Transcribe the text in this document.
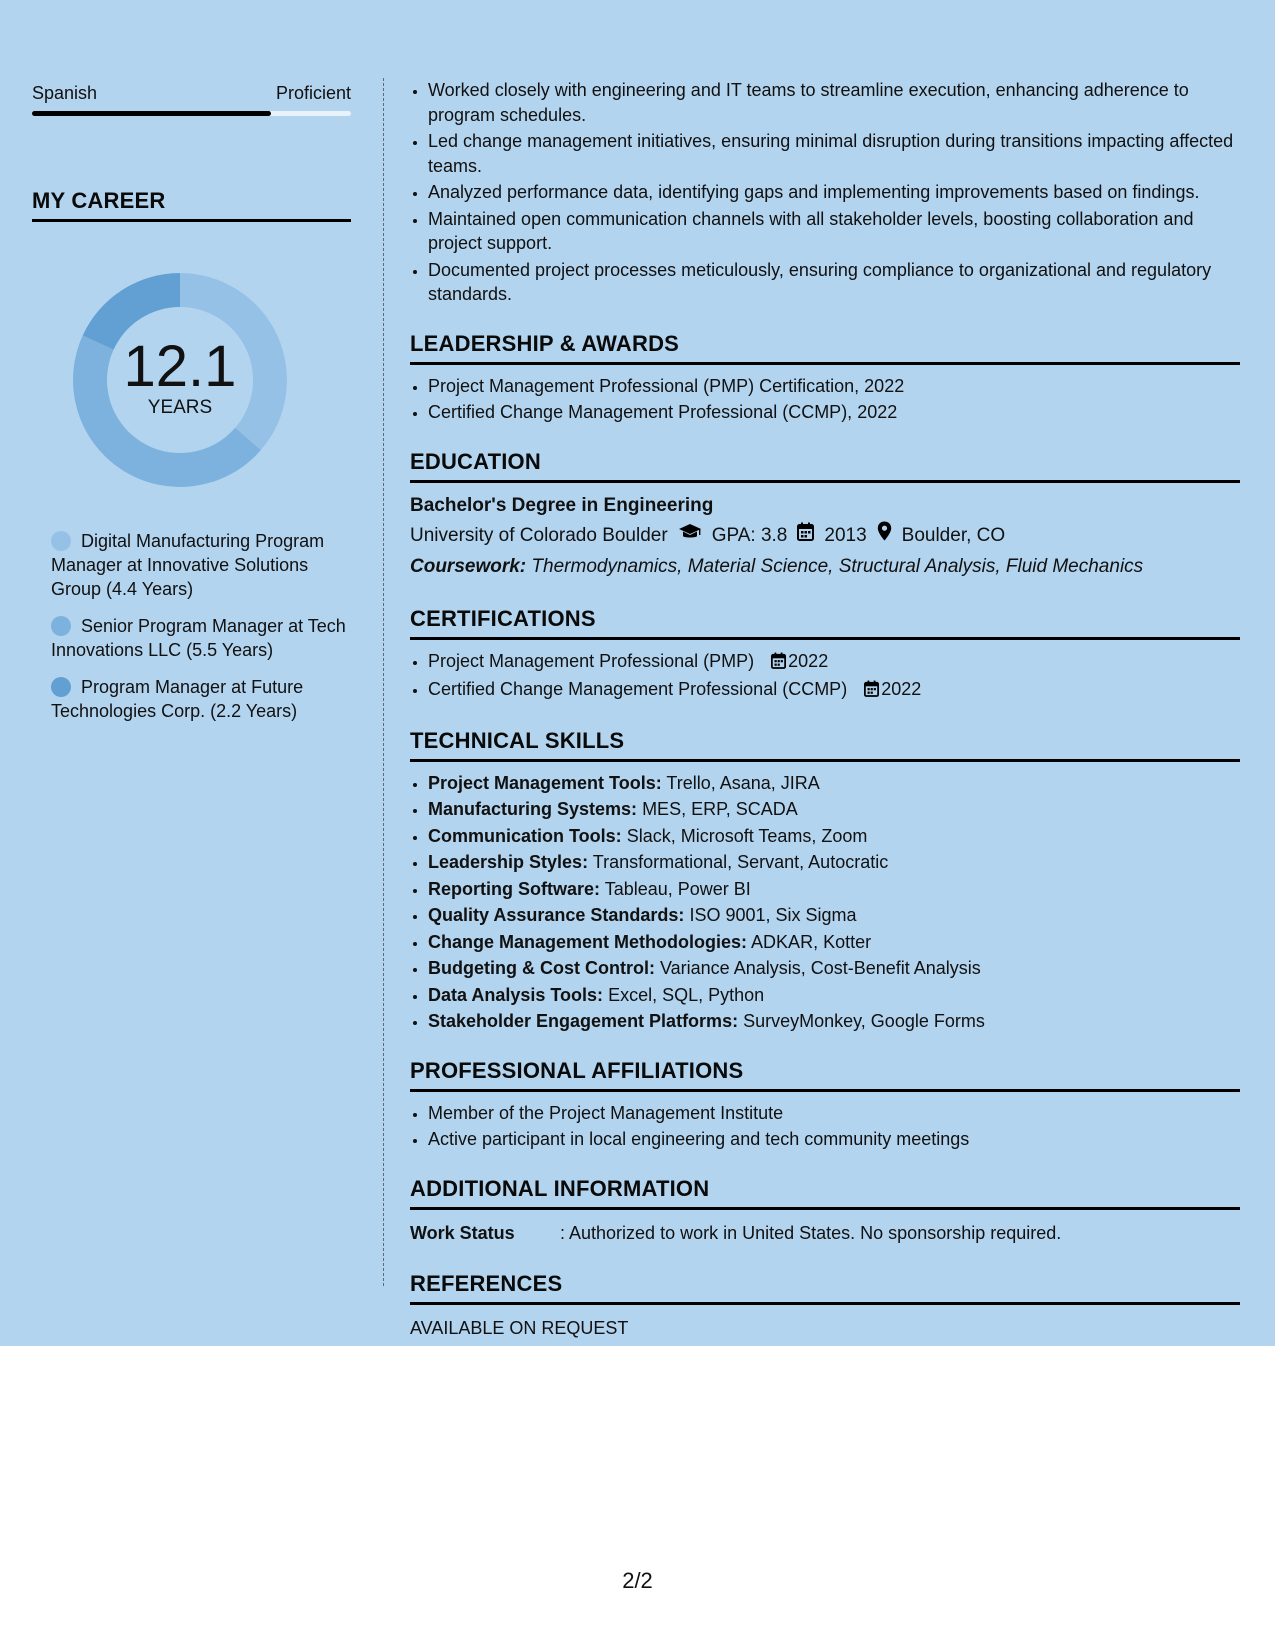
Spanish	Proficient
MY CAREER
12.1
YEARS
Digital Manufacturing Program Manager at Innovative Solutions Group (4.4 Years)
Senior Program Manager at Tech Innovations LLC (5.5 Years)
Program Manager at Future Technologies Corp. (2.2 Years)
• Worked closely with engineering and IT teams to streamline execution, enhancing adherence to program schedules.
• Led change management initiatives, ensuring minimal disruption during transitions impacting affected teams.
• Analyzed performance data, identifying gaps and implementing improvements based on findings.
• Maintained open communication channels with all stakeholder levels, boosting collaboration and project support.
• Documented project processes meticulously, ensuring compliance to organizational and regulatory standards.
LEADERSHIP & AWARDS
• Project Management Professional (PMP) Certification, 2022
• Certified Change Management Professional (CCMP), 2022
EDUCATION
Bachelor's Degree in Engineering
University of Colorado Boulder GPA: 3.8 2013 Boulder, CO
Coursework: Thermodynamics, Material Science, Structural Analysis, Fluid Mechanics
CERTIFICATIONS
• Project Management Professional (PMP) 2022
• Certified Change Management Professional (CCMP) 2022
TECHNICAL SKILLS
• Project Management Tools: Trello, Asana, JIRA
• Manufacturing Systems: MES, ERP, SCADA
• Communication Tools: Slack, Microsoft Teams, Zoom
• Leadership Styles: Transformational, Servant, Autocratic
• Reporting Software: Tableau, Power BI
• Quality Assurance Standards: ISO 9001, Six Sigma
• Change Management Methodologies: ADKAR, Kotter
• Budgeting & Cost Control: Variance Analysis, Cost-Benefit Analysis
• Data Analysis Tools: Excel, SQL, Python
• Stakeholder Engagement Platforms: SurveyMonkey, Google Forms
PROFESSIONAL AFFILIATIONS
• Member of the Project Management Institute
• Active participant in local engineering and tech community meetings
ADDITIONAL INFORMATION
Work Status	: Authorized to work in United States. No sponsorship required.
REFERENCES
AVAILABLE ON REQUEST
2/2
